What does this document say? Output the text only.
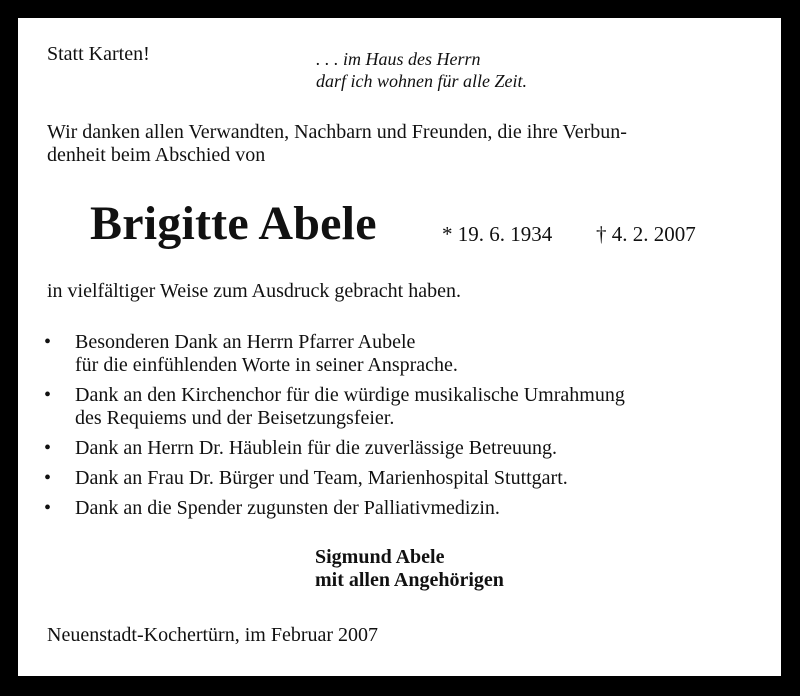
Statt Karten!	. . . im Haus des Herrn
darf ich wohnen für alle Zeit.
Wir danken allen Verwandten, Nachbarn und Freunden, die ihre Verbun-
denheit beim Abschied von
Brigitte Abele	* 19. 6. 1934 † 4. 2. 2007
in vielfältiger Weise zum Ausdruck gebracht haben.
• Besonderen Dank an Herrn Pfarrer Aubele
für die einfühlenden Worte in seiner Ansprache.
• Dank an den Kirchenchor für die würdige musikalische Umrahmung
des Requiems und der Beisetzungsfeier.
• Dank an Herrn Dr. Häublein für die zuverlässige Betreuung.
• Dank an Frau Dr. Bürger und Team, Marienhospital Stuttgart.
• Dank an die Spender zugunsten der Palliativmedizin.
Sigmund Abele
mit allen Angehörigen
Neuenstadt-Kochertürn, im Februar 2007
